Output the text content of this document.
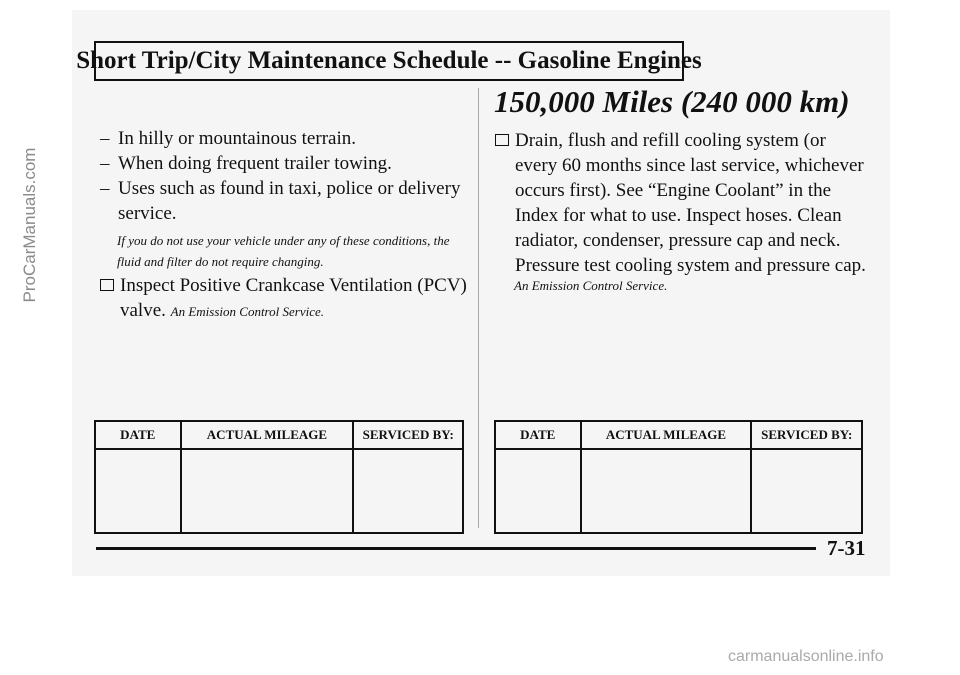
Short Trip/City Maintenance Schedule -- Gasoline Engines
150,000 Miles (240 000 km)
– In hilly or mountainous terrain.
– When doing frequent trailer towing.
– Uses such as found in taxi, police or delivery service.
If you do not use your vehicle under any of these conditions, the fluid and filter do not require changing.
Inspect Positive Crankcase Ventilation (PCV) valve. An Emission Control Service.
Drain, flush and refill cooling system (or every 60 months since last service, whichever occurs first). See “Engine Coolant” in the Index for what to use. Inspect hoses. Clean radiator, condenser, pressure cap and neck. Pressure test cooling system and pressure cap.
An Emission Control Service.
DATE	ACTUAL MILEAGE	SERVICED BY:
			DATE	ACTUAL MILEAGE	SERVICED BY:

7-31
ProCarManuals.com
carmanualsonline.info
